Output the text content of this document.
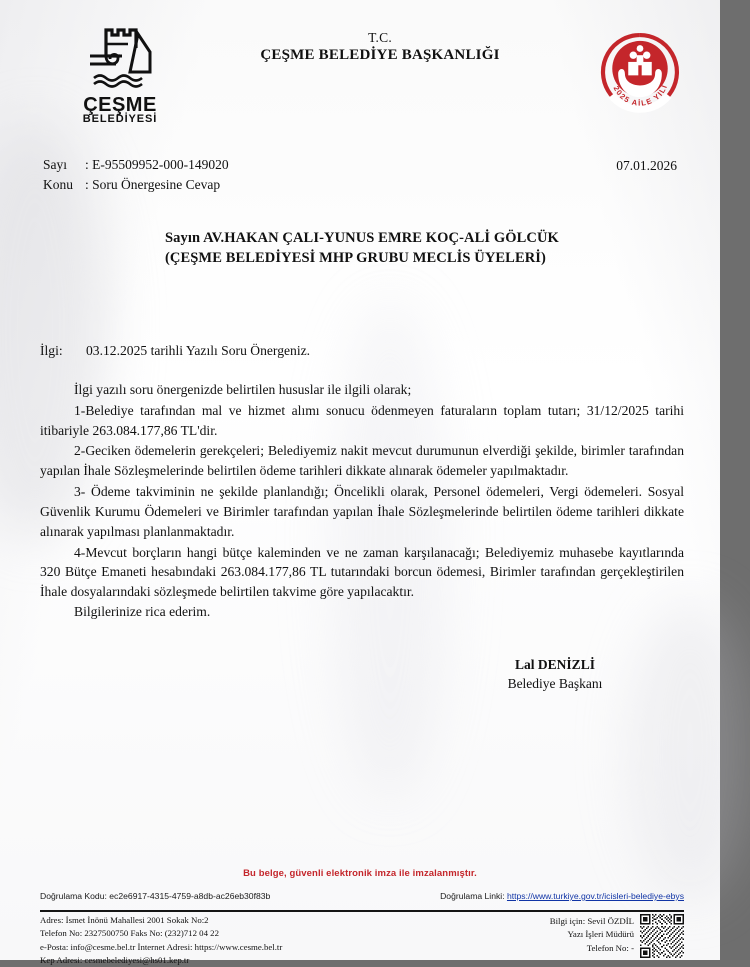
ÇEŞME
BELEDİYESİ
T.C.
ÇEŞME BELEDİYE BAŞKANLIĞI
2025 AİLE YILI
Sayı : E-95509952-000-149020
Konu : Soru Önergesine Cevap
07.01.2026
Sayın AV.HAKAN ÇALI-YUNUS EMRE KOÇ-ALİ GÖLCÜK
(ÇEŞME BELEDİYESİ MHP GRUBU MECLİS ÜYELERİ)
İlgi: 03.12.2025 tarihli Yazılı Soru Önergeniz.

İlgi yazılı soru önergenizde belirtilen hususlar ile ilgili olarak;

1-Belediye tarafından mal ve hizmet alımı sonucu ödenmeyen faturaların toplam tutarı; 31/12/2025 tarihi itibariyle 263.084.177,86 TL'dir.

2-Geciken ödemelerin gerekçeleri; Belediyemiz nakit mevcut durumunun elverdiği şekilde, birimler tarafından yapılan İhale Sözleşmelerinde belirtilen ödeme tarihleri dikkate alınarak ödemeler yapılmaktadır.

3- Ödeme takviminin ne şekilde planlandığı; Öncelikli olarak, Personel ödemeleri, Vergi ödemeleri. Sosyal Güvenlik Kurumu Ödemeleri ve Birimler tarafından yapılan İhale Sözleşmelerinde belirtilen ödeme tarihleri dikkate alınarak yapılması planlanmaktadır.

4-Mevcut borçların hangi bütçe kaleminden ve ne zaman karşılanacağı; Belediyemiz muhasebe kayıtlarında 320 Bütçe Emaneti hesabındaki 263.084.177,86 TL tutarındaki borcun ödemesi, Birimler tarafından gerçekleştirilen İhale dosyalarındaki sözleşmede belirtilen takvime göre yapılacaktır.

Bilgilerinize rica ederim.

Lal DENİZLİ
Belediye Başkanı
Bu belge, güvenli elektronik imza ile imzalanmıştır.
Doğrulama Kodu: ec2e6917-4315-4759-a8db-ac26eb30f83b	Doğrulama Linki: https://www.turkiye.gov.tr/icisleri-belediye-ebys
Adres: İsmet İnönü Mahallesi 2001 Sokak No:2
Telefon No: 2327500750 Faks No: (232)712 04 22
e-Posta: info@cesme.bel.tr İnternet Adresi: https://www.cesme.bel.tr
Kep Adresi: cesmebelediyesi@hs01.kep.tr
Bilgi için: Sevil ÖZDİL
Yazı İşleri Müdürü
Telefon No: -
